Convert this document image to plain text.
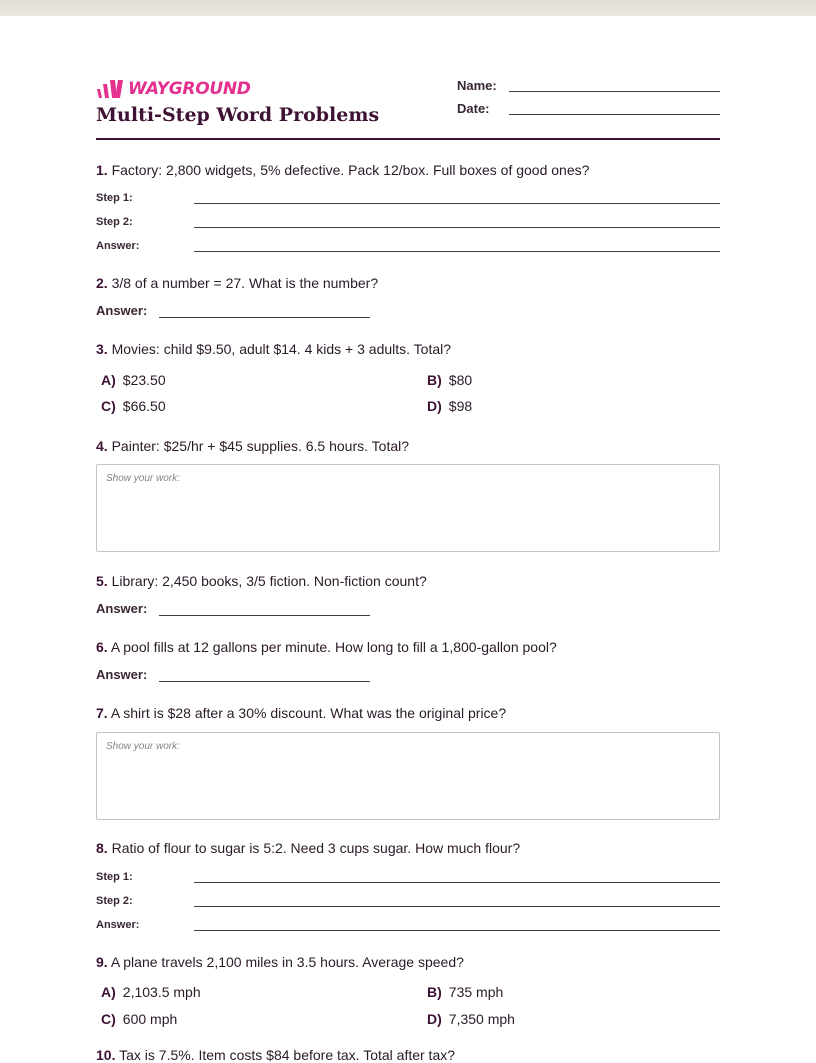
WAYGROUND
Multi-Step Word Problems
Name:
Date:
1. Factory: 2,800 widgets, 5% defective. Pack 12/box. Full boxes of good ones?
Step 1:
Step 2:
Answer:
2. 3/8 of a number = 27. What is the number?
Answer:
3. Movies: child $9.50, adult $14. 4 kids + 3 adults. Total?
A) $23.50	B) $80
C) $66.50	D) $98
4. Painter: $25/hr + $45 supplies. 6.5 hours. Total?
Show your work:
5. Library: 2,450 books, 3/5 fiction. Non-fiction count?
Answer:
6. A pool fills at 12 gallons per minute. How long to fill a 1,800-gallon pool?
Answer:
7. A shirt is $28 after a 30% discount. What was the original price?
Show your work:
8. Ratio of flour to sugar is 5:2. Need 3 cups sugar. How much flour?
Step 1:
Step 2:
Answer:
9. A plane travels 2,100 miles in 3.5 hours. Average speed?
A) 2,103.5 mph	B) 735 mph
C) 600 mph	D) 7,350 mph
10. Tax is 7.5%. Item costs $84 before tax. Total after tax?
